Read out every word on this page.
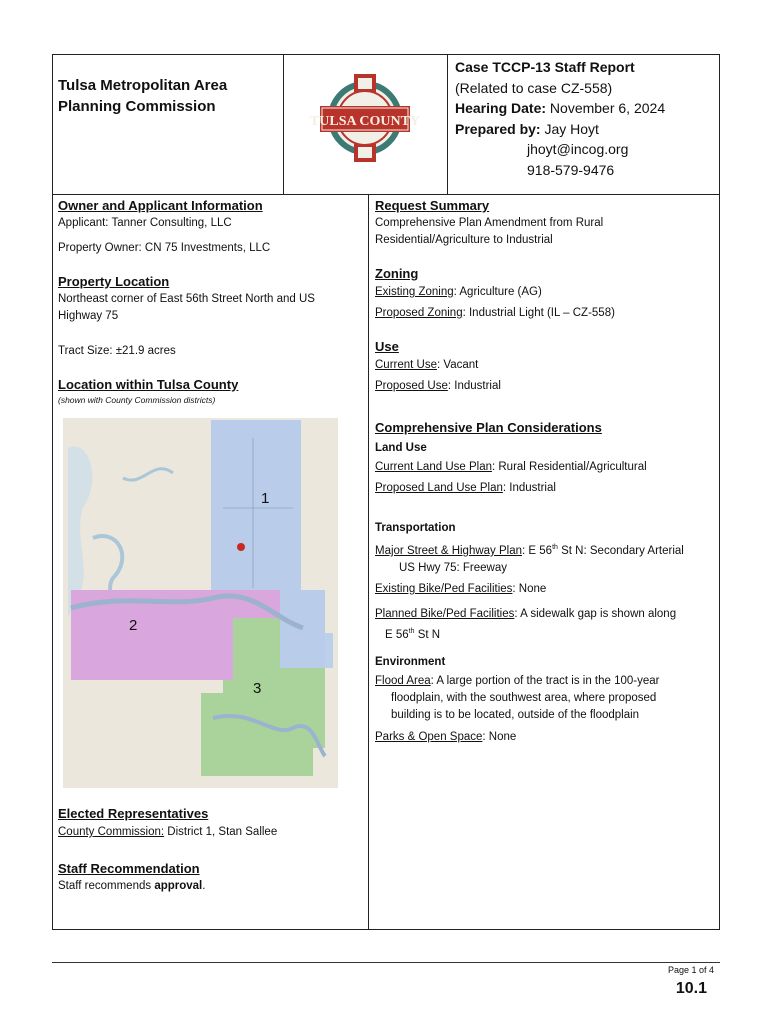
Tulsa Metropolitan Area
Planning Commission
TULSA COUNTY
Case TCCP-13 Staff Report
(Related to case CZ-558)
Hearing Date: November 6, 2024
Prepared by: Jay Hoyt
jhoyt@incog.org
918-579-9476
Owner and Applicant Information
Applicant: Tanner Consulting, LLC
Property Owner: CN 75 Investments, LLC
Property Location
Northeast corner of East 56th Street North and US Highway 75
Tract Size: ±21.9 acres
Location within Tulsa County
(shown with County Commission districts)
1
2
3
Elected Representatives
County Commission: District 1, Stan Sallee
Staff Recommendation
Staff recommends approval.
Request Summary
Comprehensive Plan Amendment from Rural Residential/Agriculture to Industrial
Zoning
Existing Zoning: Agriculture (AG)
Proposed Zoning: Industrial Light (IL – CZ-558)
Use
Current Use: Vacant
Proposed Use: Industrial
Comprehensive Plan Considerations
Land Use
Current Land Use Plan: Rural Residential/Agricultural
Proposed Land Use Plan: Industrial
Transportation
Major Street & Highway Plan: E 56th St N: Secondary Arterial
US Hwy 75: Freeway
Existing Bike/Ped Facilities: None
Planned Bike/Ped Facilities: A sidewalk gap is shown along
E 56th St N
Environment
Flood Area: A large portion of the tract is in the 100-year floodplain, with the southwest area, where proposed building is to be located, outside of the floodplain
Parks & Open Space: None
Page 1 of 4
10.1
